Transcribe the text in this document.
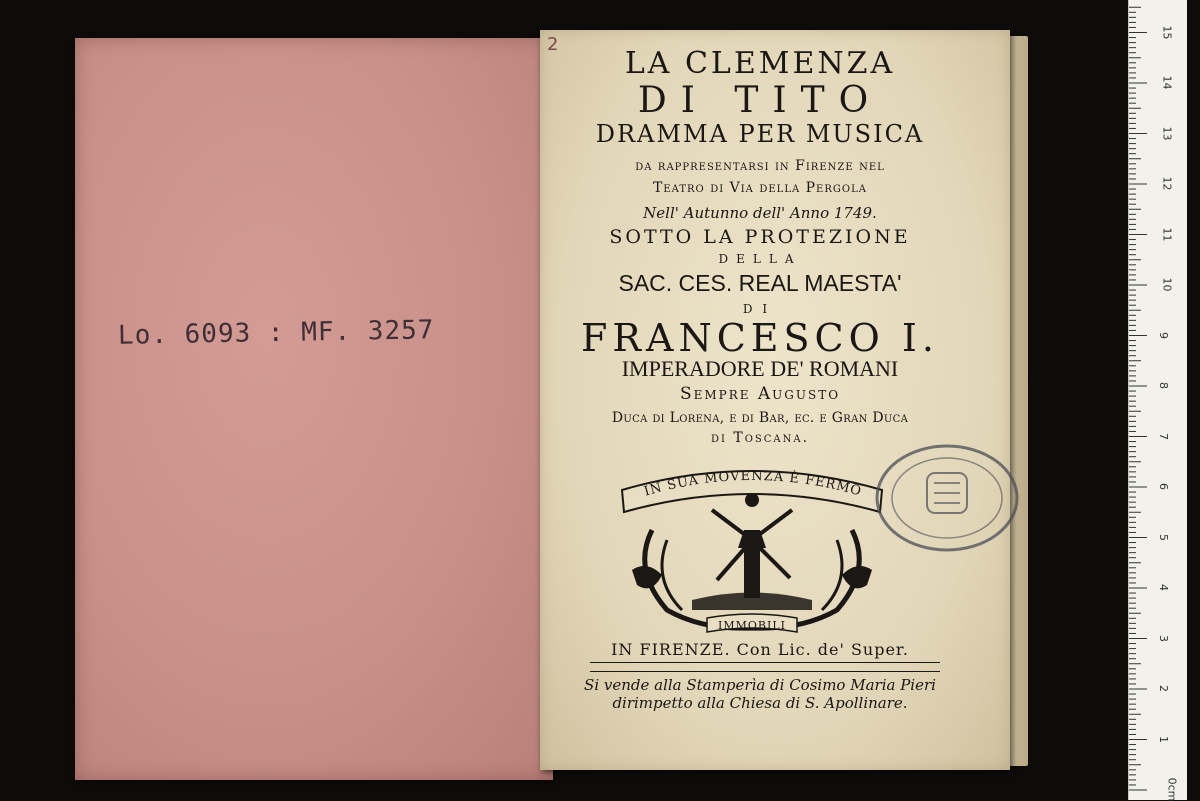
Lo. 6093 : MF. 3257
2
LA CLEMENZA
DI TITO
DRAMMA PER MUSICA
da rappresentarsi in Firenze nel
Teatro di Via della Pergola
Nell' Autunno dell' Anno 1749.
SOTTO LA PROTEZIONE
DELLA
SAC. CES. REAL MAESTA'
DI
FRANCESCO I.
IMPERADORE DE' ROMANI
Sempre Augusto
Duca di Lorena, e di Bar, ec. e Gran Duca
di Toscana.
IN SUA MOVENZA È FERMO
IMMOBILI
IN FIRENZE. Con Lic. de' Super.
Si vende alla Stamperìa di Cosimo Maria Pieri
dirimpetto alla Chiesa di S. Apollinare.
0cm
1
2
3
4
5
6
7
8
9
10
11
12
13
14
15
